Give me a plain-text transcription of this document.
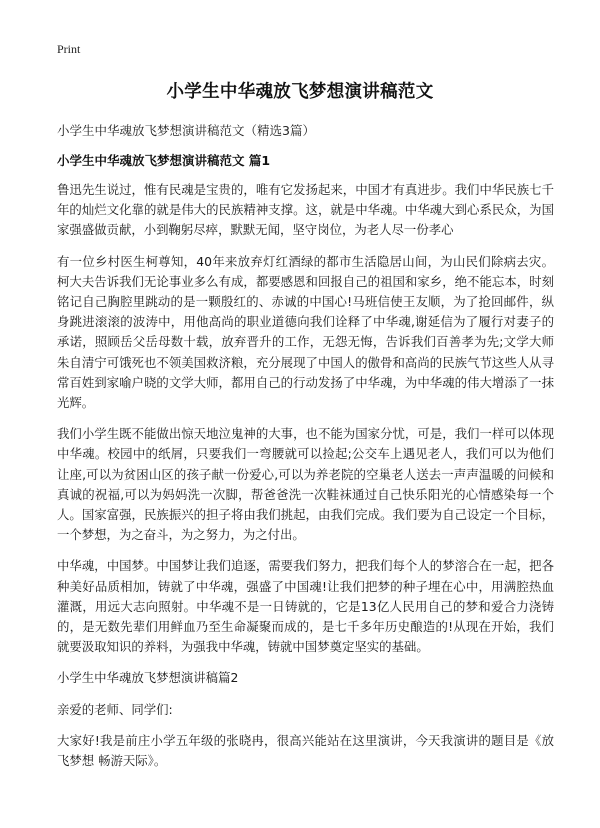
Print
小学生中华魂放飞梦想演讲稿范文
小学生中华魂放飞梦想演讲稿范文（精选3篇）
小学生中华魂放飞梦想演讲稿范文 篇1

鲁迅先生说过，惟有民魂是宝贵的，唯有它发扬起来，中国才有真进步。我们中华民族七千年的灿烂文化靠的就是伟大的民族精神支撑。这，就是中华魂。中华魂大到心系民众，为国家强盛做贡献，小到鞠躬尽瘁，默默无闻，坚守岗位，为老人尽一份孝心

有一位乡村医生柯尊知，40年来放弃灯红酒绿的都市生活隐居山间，为山民们除病去灾。柯大夫告诉我们无论事业多么有成，都要感恩和回报自己的祖国和家乡，绝不能忘本，时刻铭记自己胸腔里跳动的是一颗殷红的、赤诚的中国心!马班信使王友顺，为了抢回邮件，纵身跳进滚滚的波涛中，用他高尚的职业道德向我们诠释了中华魂,谢延信为了履行对妻子的承诺，照顾岳父岳母数十载，放弃晋升的工作，无怨无悔，告诉我们百善孝为先;文学大师朱自清宁可饿死也不领美国救济粮，充分展现了中国人的傲骨和高尚的民族气节这些人从寻常百姓到家喻户晓的文学大师，都用自己的行动发扬了中华魂，为中华魂的伟大增添了一抹光辉。

我们小学生既不能做出惊天地泣鬼神的大事，也不能为国家分忧，可是，我们一样可以体现中华魂。校园中的纸屑，只要我们一弯腰就可以捡起;公交车上遇见老人，我们可以为他们让座,可以为贫困山区的孩子献一份爱心,可以为养老院的空巢老人送去一声声温暖的问候和真诚的祝福,可以为妈妈洗一次脚，帮爸爸洗一次鞋袜通过自己快乐阳光的心情感染每一个人。国家富强，民族振兴的担子将由我们挑起，由我们完成。我们要为自己设定一个目标，一个梦想，为之奋斗，为之努力，为之付出。

中华魂，中国梦。中国梦让我们追逐，需要我们努力，把我们每个人的梦溶合在一起，把各种美好品质相加，铸就了中华魂，强盛了中国魂!让我们把梦的种子埋在心中，用满腔热血灌溉，用远大志向照射。中华魂不是一日铸就的，它是13亿人民用自己的梦和爱合力浇铸的，是无数先辈们用鲜血乃至生命凝聚而成的，是七千多年历史酿造的!从现在开始，我们就要汲取知识的养料，为强我中华魂，铸就中国梦奠定坚实的基础。

小学生中华魂放飞梦想演讲稿篇2

亲爱的老师、同学们:

大家好!我是前庄小学五年级的张晓冉，很高兴能站在这里演讲，今天我演讲的题目是《放飞梦想 畅游天际》。
